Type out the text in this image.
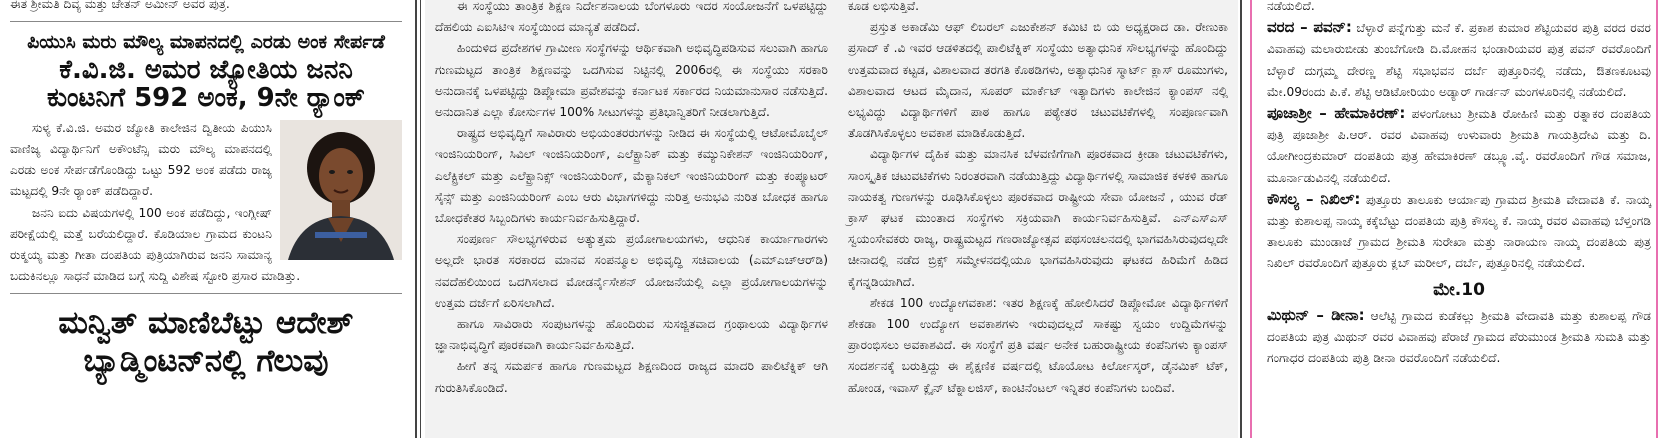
ಈತ ಶ್ರೀಮತಿ ದಿವ್ಯ ಮತ್ತು ಚೇತನ್ ಅಮೀನ್ ಅವರ ಪುತ್ರ.

ಪಿಯುಸಿ ಮರು ಮೌಲ್ಯ ಮಾಪನದಲ್ಲಿ ಎರಡು ಅಂಕ ಸೇರ್ಪಡೆ
ಕೆ.ವಿ.ಜಿ. ಅಮರ ಜ್ಯೋತಿಯ ಜನನಿ
ಕುಂಟನಿಗೆ 592 ಅಂಕ, 9ನೇ ರ್‍ಯಾಂಕ್

ಸುಳ್ಯ ಕೆ.ವಿ.ಜಿ. ಅಮರ ಜ್ಯೋತಿ ಕಾಲೇಜಿನ ದ್ವಿತೀಯ ಪಿಯುಸಿ ವಾಣಿಜ್ಯ ವಿದ್ಯಾರ್ಥಿನಿಗೆ ಅಕೌಂಟೆನ್ಸಿ ಮರು ಮೌಲ್ಯ ಮಾಪನದಲ್ಲಿ ಎರಡು ಅಂಕ ಸೇರ್ಪಡೆಗೊಂಡಿದ್ದು ಒಟ್ಟು 592 ಅಂಕ ಪಡೆದು ರಾಜ್ಯ ಮಟ್ಟದಲ್ಲಿ 9ನೇ ರ್‍ಯಾಂಕ್ ಪಡೆದಿದ್ದಾರೆ.

ಜನನಿ ಐದು ವಿಷಯಗಳಲ್ಲಿ 100 ಅಂಕ ಪಡೆದಿದ್ದು, ಇಂಗ್ಲೀಷ್ ಪರೀಕ್ಷೆಯಲ್ಲಿ ಮತ್ತೆ ಬರೆಯಲಿದ್ದಾರೆ. ಕೊಡಿಯಾಲ ಗ್ರಾಮದ ಕುಂಟನಿ ರುಕ್ಮಯ್ಯ ಮತ್ತು ಗೀತಾ ದಂಪತಿಯ ಪುತ್ರಿಯಾಗಿರುವ ಜನನಿ ಸಾಮಾನ್ಯ ಬದುಕಿನಲ್ಲೂ ಸಾಧನೆ ಮಾಡಿದ ಬಗ್ಗೆ ಸುದ್ದಿ ವಿಶೇಷ ಸ್ಟೋರಿ ಪ್ರಸಾರ ಮಾಡಿತ್ತು.

ಮನ್ವಿತ್ ಮಾಣಿಬೆಟ್ಟು ಆದೇಶ್
ಬ್ಯಾಡ್ಮಿಂಟನ್‌ನಲ್ಲಿ ಗೆಲುವು

ಈ ಸಂಸ್ಥೆಯು ತಾಂತ್ರಿಕ ಶಿಕ್ಷಣ ನಿರ್ದೇಶನಾಲಯ ಬೆಂಗಳೂರು ಇದರ ಸಂಯೋಜನೆಗೆ ಒಳಪಟ್ಟಿದ್ದು ದೆಹಲಿಯ ಎಐಸಿಟಿಇ ಸಂಸ್ಥೆಯಿಂದ ಮಾನ್ಯತೆ ಪಡೆದಿದೆ.

ಹಿಂದುಳಿದ ಪ್ರದೇಶಗಳ ಗ್ರಾಮೀಣ ಸಂಸ್ಥೆಗಳನ್ನು ಆರ್ಥಿಕವಾಗಿ ಅಭಿವೃದ್ಧಿಪಡಿಸುವ ಸಲುವಾಗಿ ಹಾಗೂ ಗುಣಮಟ್ಟದ ತಾಂತ್ರಿಕ ಶಿಕ್ಷಣವನ್ನು ಒದಗಿಸುವ ನಿಟ್ಟಿನಲ್ಲಿ 2006ರಲ್ಲಿ ಈ ಸಂಸ್ಥೆಯು ಸರಕಾರಿ ಅನುದಾನಕ್ಕೆ ಒಳಪಟ್ಟಿದ್ದು ಡಿಪ್ಲೋಮಾ ಪ್ರವೇಶವನ್ನು ಕರ್ನಾಟಕ ಸರ್ಕಾರದ ನಿಯಮಾನುಸಾರ ನಡೆಸುತ್ತಿದೆ. ಅನುದಾನಿತ ಎಲ್ಲಾ ಕೋರ್ಸುಗಳ 100% ಸೀಟುಗಳನ್ನು ಪ್ರತಿಭಾನ್ವಿತರಿಗೆ ನೀಡಲಾಗುತ್ತಿದೆ.

ರಾಷ್ಟ್ರದ ಅಭಿವೃದ್ಧಿಗೆ ಸಾವಿರಾರು ಅಭಿಯಂತರರುಗಳನ್ನು ನೀಡಿದ ಈ ಸಂಸ್ಥೆಯಲ್ಲಿ ಆಟೋಮೊಬೈಲ್ ಇಂಜಿನಿಯರಿಂಗ್, ಸಿವಿಲ್ ಇಂಜಿನಿಯರಿಂಗ್, ಎಲೆಕ್ಟ್ರಾನಿಕ್ ಮತ್ತು ಕಮ್ಯುನಿಕೇಶನ್ ಇಂಜಿನಿಯರಿಂಗ್, ಎಲೆಕ್ಟ್ರಿಕಲ್ ಮತ್ತು ಎಲೆಕ್ಟ್ರಾನಿಕ್ಸ್ ಇಂಜಿನಿಯರಿಂಗ್, ಮೆಕ್ಯಾನಿಕಲ್ ಇಂಜಿನಿಯರಿಂಗ್ ಮತ್ತು ಕಂಪ್ಯೂಟರ್ ಸೈನ್ಸ್ ಮತ್ತು ಎಂಜಿನಿಯರಿಂಗ್ ಎಂಬ ಆರು ವಿಭಾಗಗಳಿದ್ದು ನುರಿತ್ತ ಅನುಭವಿ ನುರಿತ ಬೋಧಕ ಹಾಗೂ ಬೋಧಕೇತರ ಸಿಬ್ಬಂದಿಗಳು ಕಾರ್ಯನಿರ್ವಹಿಸುತ್ತಿದ್ದಾರೆ.

ಸಂಪೂರ್ಣ ಸೌಲಭ್ಯಗಳಿರುವ ಅತ್ಯುತ್ತಮ ಪ್ರಯೋಗಾಲಯಗಳು, ಆಧುನಿಕ ಕಾರ್ಯಾಗಾರಗಳು ಅಲ್ಲದೇ ಭಾರತ ಸರಕಾರದ ಮಾನವ ಸಂಪನ್ಮೂಲ ಅಭಿವೃದ್ಧಿ ಸಚಿವಾಲಯ (ಎಮ್‌ಎಚ್‌ಆರ್‌ಡಿ) ನವದೆಹಲಿಯಿಂದ ಒದಗಿಸಲಾದ ಮೋಡರ್ನೈಸೇಶನ್ ಯೋಜನೆಯಲ್ಲಿ ಎಲ್ಲಾ ಪ್ರಯೋಗಾಲಯಗಳನ್ನು ಉತ್ತಮ ದರ್ಜೆಗೆ ಏರಿಸಲಾಗಿದೆ.

ಹಾಗೂ ಸಾವಿರಾರು ಸಂಪುಟಗಳನ್ನು ಹೊಂದಿರುವ ಸುಸಜ್ಜಿತವಾದ ಗ್ರಂಥಾಲಯ ವಿದ್ಯಾರ್ಥಿಗಳ ಜ್ಞಾನಾಭಿವೃದ್ಧಿಗೆ ಪೂರಕವಾಗಿ ಕಾರ್ಯನಿರ್ವಹಿಸುತ್ತಿದೆ.

ಹೀಗೆ ತನ್ನ ಸಮರ್ಪಕ ಹಾಗೂ ಗುಣಮಟ್ಟದ ಶಿಕ್ಷಣದಿಂದ ರಾಜ್ಯದ ಮಾದರಿ ಪಾಲಿಟೆಕ್ನಿಕ್ ಆಗಿ ಗುರುತಿಸಿಕೊಂಡಿದೆ.

ಕೂಡ ಲಭಿಸುತ್ತಿವೆ.

ಪ್ರಸ್ತುತ ಅಕಾಡೆಮಿ ಆಫ್ ಲಿಬರಲ್ ಎಜುಕೇಶನ್ ಕಮಿಟಿ ಬಿ ಯ ಅಧ್ಯಕ್ಷರಾದ ಡಾ. ರೇಣುಕಾ ಪ್ರಸಾದ್ ಕೆ .ವಿ ಇವರ ಆಡಳಿತದಲ್ಲಿ ಪಾಲಿಟೆಕ್ನಿಕ್ ಸಂಸ್ಥೆಯು ಅತ್ಯಾಧುನಿಕ ಸೌಲಭ್ಯಗಳನ್ನು ಹೊಂದಿದ್ದು ಉತ್ತಮವಾದ ಕಟ್ಟಡ, ವಿಶಾಲವಾದ ತರಗತಿ ಕೊಠಡಿಗಳು, ಅತ್ಯಾಧುನಿಕ ಸ್ಮಾರ್ಟ್ ಕ್ಲಾಸ್ ರೂಮುಗಳು, ವಿಶಾಲವಾದ ಆಟದ ಮೈದಾನ, ಸೂಪರ್ ಮಾರ್ಕೆಟ್ ಇತ್ಯಾದಿಗಳು ಕಾಲೇಜಿನ ಕ್ಯಾಂಪಸ್ ನಲ್ಲಿ ಲಭ್ಯವಿದ್ದು ವಿದ್ಯಾರ್ಥಿಗಳಿಗೆ ಪಾಠ ಹಾಗೂ ಪಠ್ಯೇತರ ಚಟುವಟಿಕೆಗಳಲ್ಲಿ ಸಂಪೂರ್ಣವಾಗಿ ತೊಡಗಿಸಿಕೊಳ್ಳಲು ಅವಕಾಶ ಮಾಡಿಕೊಡುತ್ತಿದೆ.

ವಿದ್ಯಾರ್ಥಿಗಳ ದೈಹಿಕ ಮತ್ತು ಮಾನಸಿಕ ಬೆಳವಣಿಗೆಗಾಗಿ ಪೂರಕವಾದ ಕ್ರೀಡಾ ಚಟುವಟಿಕೆಗಳು, ಸಾಂಸ್ಕೃತಿಕ ಚಟುವಟಿಕೆಗಳು ನಿರಂತರವಾಗಿ ನಡೆಯುತ್ತಿದ್ದು ವಿದ್ಯಾರ್ಥಿಗಳಲ್ಲಿ ಸಾಮಾಜಿಕ ಕಳಕಳಿ ಹಾಗೂ ನಾಯಕತ್ವ ಗುಣಗಳನ್ನು ರೂಢಿಸಿಕೊಳ್ಳಲು ಪೂರಕವಾದ ರಾಷ್ಟ್ರೀಯ ಸೇವಾ ಯೋಜನೆ , ಯುವ ರೆಡ್ ಕ್ರಾಸ್ ಘಟಕ ಮುಂತಾದ ಸಂಸ್ಥೆಗಳು ಸಕ್ರಿಯವಾಗಿ ಕಾರ್ಯನಿರ್ವಹಿಸುತ್ತಿವೆ. ಎನ್‌ಎಸ್‌ಎಸ್ ಸ್ವಯಂಸೇವಕರು ರಾಜ್ಯ, ರಾಷ್ಟ್ರಮಟ್ಟದ ಗಣರಾಜ್ಯೋತ್ಸವ ಪಥಸಂಚಲನದಲ್ಲಿ ಭಾಗವಹಿಸಿರುವುದಲ್ಲದೇ ಚೀನಾದಲ್ಲಿ ನಡೆದ ಬ್ರಿಕ್ಸ್ ಸಮ್ಮೇಳನದಲ್ಲಿಯೂ ಭಾಗವಹಿಸಿರುವುದು ಘಟಕದ ಹಿರಿಮೆಗೆ ಹಿಡಿದ ಕೈಗನ್ನಡಿಯಾಗಿದೆ.

ಶೇಕಡ 100 ಉದ್ಯೋಗವಕಾಶ: ಇತರ ಶಿಕ್ಷಣಕ್ಕೆ ಹೋಲಿಸಿದರೆ ಡಿಪ್ಲೋಮೋ ವಿದ್ಯಾರ್ಥಿಗಳಿಗೆ ಶೇಕಡಾ 100 ಉದ್ಯೋಗ ಅವಕಾಶಗಳು ಇರುವುದಲ್ಲದೆ ಸಾಕಷ್ಟು ಸ್ವಯಂ ಉದ್ದಿಮೆಗಳನ್ನು ಪ್ರಾರಂಭಿಸಲು ಅವಕಾಶವಿದೆ. ಈ ಸಂಸ್ಥೆಗೆ ಪ್ರತಿ ವರ್ಷ ಅನೇಕ ಬಹುರಾಷ್ಟ್ರೀಯ ಕಂಪೆನಿಗಳು ಕ್ಯಾಂಪಸ್ ಸಂದರ್ಶನಕ್ಕೆ ಬರುತ್ತಿದ್ದು ಈ ಶೈಕ್ಷಣಿಕ ವರ್ಷದಲ್ಲಿ ಟೊಯೋಟ ಕಿರ್ಲೋಸ್ಕರ್, ಡೈನಮಿಕ್ ಟೆಕ್, ಹೋಂಡ, ಇವಾಸ್ ಕ್ಲೈನ್ ಟೆಕ್ನಾಲಜಿಸ್, ಕಾಂಟಿನೆಂಟಲ್ ಇನ್ನಿತರ ಕಂಪೆನಿಗಳು ಬಂದಿವೆ.

ನಡೆಯಲಿದೆ.

ವರದ – ಪವನ್: ಬೆಳ್ಳಾರೆ ಪನ್ನೆಗುತ್ತು ಮನೆ ಕೆ. ಪ್ರಕಾಶ ಕುಮಾರ ಶೆಟ್ಟಿಯವರ ಪುತ್ರಿ ವರದ ರವರ ವಿವಾಹವು ಮಲಾರುಬೀಡು ತುಂಬೆಗೋಡಿ ದಿ.ಮೋಹನ ಭಂಡಾರಿಯವರ ಪುತ್ರ ಪವನ್ ರವರೊಂದಿಗೆ ಬೆಳ್ಳಾರೆ ದುಗ್ಗಮ್ಮ ದೇರಣ್ಣ ಶೆಟ್ಟಿ ಸಭಾಭವನ ದರ್ಬೆ ಪುತ್ತೂರಿನಲ್ಲಿ ನಡೆದು, ಔತಣಕೂಟವು ಮೇ.09ರಂದು ಪಿ.ಕೆ. ಶೆಟ್ಟಿ ಆಡಿಟೋರಿಯಂ ಅಡ್ಯಾರ್ ಗಾರ್ಡನ್ ಮಂಗಳೂರಿನಲ್ಲಿ ನಡೆಯಲಿದೆ.

ಪೂಜಾಶ್ರೀ – ಹೇಮಾಕಿರಣ್: ಪಳಂಗೋಟು ಶ್ರೀಮತಿ ರೋಹಿಣಿ ಮತ್ತು ರತ್ನಾಕರ ದಂಪತಿಯ ಪುತ್ರಿ ಪೂಜಾಶ್ರೀ ಪಿ.ಆರ್. ರವರ ವಿವಾಹವು ಉಳುವಾರು ಶ್ರೀಮತಿ ಗಾಯತ್ರಿದೇವಿ ಮತ್ತು ದಿ. ಯೋಗೀಂದ್ರಕುಮಾರ್ ದಂಪತಿಯ ಪುತ್ರ ಹೇಮಾಕಿರಣ್ ಡಬ್ಲ್ಯೂ.ವೈ. ರವರೊಂದಿಗೆ ಗೌಡ ಸಮಾಜ, ಮೂರ್ನಾಡುವಿನಲ್ಲಿ ನಡೆಯಲಿದೆ.

ಕೌಸಲ್ಯ – ನಿಖಿಲ್: ಪುತ್ತೂರು ತಾಲೂಕು ಆರ್ಯಾಪು ಗ್ರಾಮದ ಶ್ರೀಮತಿ ವೇದಾವತಿ ಕೆ. ನಾಯ್ಕ ಮತ್ತು ಕುಶಾಲಪ್ಪ ನಾಯ್ಕ ಕಕ್ಕೆಬೆಟ್ಟು ದಂಪತಿಯ ಪುತ್ರಿ ಕೌಸಲ್ಯ ಕೆ. ನಾಯ್ಕ ರವರ ವಿವಾಹವು ಬೆಳ್ತಂಗಡಿ ತಾಲೂಕು ಮುಂಡಾಜೆ ಗ್ರಾಮದ ಶ್ರೀಮತಿ ಸುರೇಖಾ ಮತ್ತು ನಾರಾಯಣ ನಾಯ್ಕ ದಂಪತಿಯ ಪುತ್ರ ನಿಖಿಲ್ ರವರೊಂದಿಗೆ ಪುತ್ತೂರು ಕ್ಲಬ್ ಮರೀಲ್, ದರ್ಬೆ, ಪುತ್ತೂರಿನಲ್ಲಿ ನಡೆಯಲಿದೆ.

ಮೇ.10

ಮಿಥುನ್ – ಡೀನಾ: ಆಲೆಟ್ಟಿ ಗ್ರಾಮದ ಕುಡೆಕಲ್ಲು ಶ್ರೀಮತಿ ವೇದಾವತಿ ಮತ್ತು ಕುಶಾಲಪ್ಪ ಗೌಡ ದಂಪತಿಯ ಪುತ್ರ ಮಿಥುನ್ ರವರ ವಿವಾಹವು ಪೆರಾಜೆ ಗ್ರಾಮದ ಪೆರುಮುಂಡ ಶ್ರೀಮತಿ ಸುಮತಿ ಮತ್ತು ಗಂಗಾಧರ ದಂಪತಿಯ ಪುತ್ರಿ ಡೀನಾ ರವರೊಂದಿಗೆ ನಡೆಯಲಿದೆ.
